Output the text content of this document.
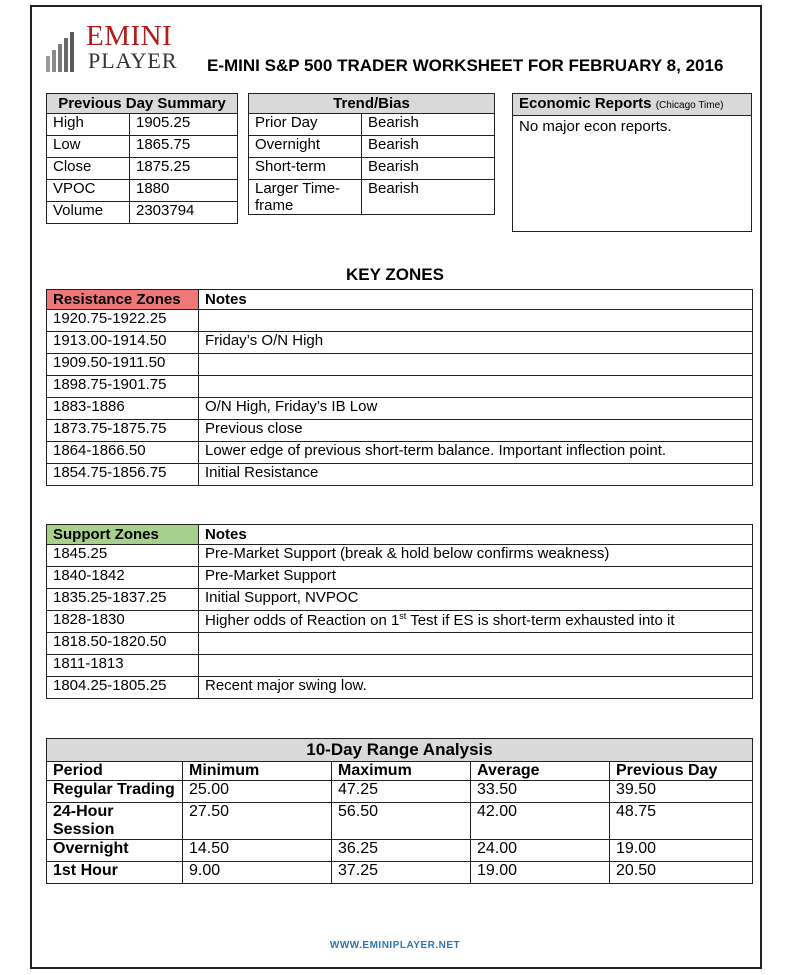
EMINI
PLAYER E-MINI S&P 500 TRADER WORKSHEET FOR FEBRUARY 8, 2016
Previous Day Summary	
High	1905.25
Low	1865.75
Close	1875.25
VPOC	1880
Volume	2303794
Trend/Bias	
Prior Day	Bearish
Overnight	Bearish
Short-term	Bearish
Larger Time-
frame	Bearish
Economic Reports (Chicago Time)
No major econ reports.
KEY ZONES
Resistance Zones	Notes
1920.75-1922.25	
1913.00-1914.50	Friday’s O/N High
1909.50-1911.50	
1898.75-1901.75	
1883-1886	O/N High, Friday’s IB Low
1873.75-1875.75	Previous close
1864-1866.50	Lower edge of previous short-term balance. Important inflection point.
1854.75-1856.75	Initial Resistance
Support Zones	Notes
1845.25	Pre-Market Support (break & hold below confirms weakness)
1840-1842	Pre-Market Support
1835.25-1837.25	Initial Support, NVPOC
1828-1830	Higher odds of Reaction on 1st Test if ES is short-term exhausted into it
1818.50-1820.50	
1811-1813	
1804.25-1805.25	Recent major swing low.
10-Day Range Analysis				
Period	Minimum	Maximum	Average	Previous Day
Regular Trading	25.00	47.25	33.50	39.50
24-Hour Session	27.50	56.50	42.00	48.75
Overnight	14.50	36.25	24.00	19.00
1st Hour	9.00	37.25	19.00	20.50
WWW.EMINIPLAYER.NET
